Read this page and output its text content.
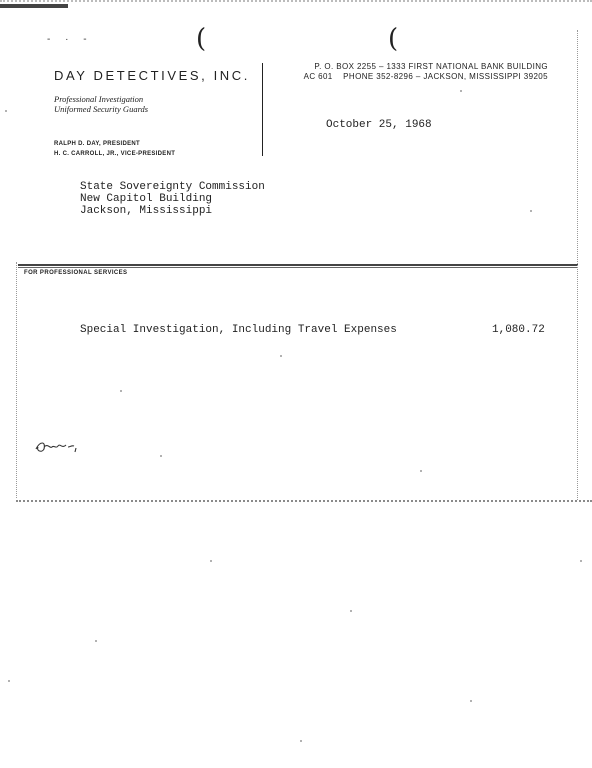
(	(
- · -
DAY DETECTIVES, INC.
Professional Investigation
Uniformed Security Guards
RALPH D. DAY, PRESIDENT
H. C. CARROLL, JR., VICE-PRESIDENT
P. O. BOX 2255 – 1333 FIRST NATIONAL BANK BUILDING
AC 601    PHONE 352-8296 – JACKSON, MISSISSIPPI 39205
October 25, 1968
State Sovereignty Commission
New Capitol Building
Jackson, Mississippi
FOR PROFESSIONAL SERVICES
Special Investigation, Including Travel Expenses	1,080.72
